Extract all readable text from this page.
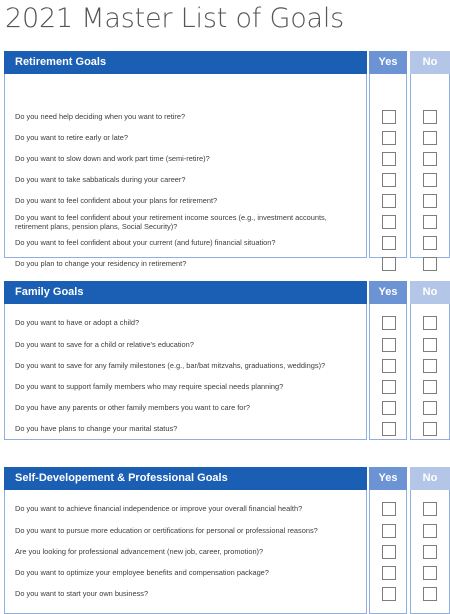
2021 Master List of Goals
Retirement Goals	Yes	No
Do you need help deciding when you want to retire?
Do you want to retire early or late?
Do you want to slow down and work part time (semi-retire)?
Do you want to take sabbaticals during your career?
Do you want to feel confident about your plans for retirement?
Do you want to feel confident about your retirement income sources (e.g., investment accounts, retirement plans, pension plans, Social Security)?
Do you want to feel confident about your current (and future) financial situation?
Do you plan to change your residency in retirement?
Family Goals	Yes	No
Do you want to have or adopt a child?
Do you want to save for a child or relative's education?
Do you want to save for any family milestones (e.g., bar/bat mitzvahs, graduations, weddings)?
Do you want to support family members who may require special needs planning?
Do you have any parents or other family members you want to care for?
Do you have plans to change your marital status?
Self-Developement & Professional Goals	Yes	No
Do you want to achieve financial independence or improve your overall financial health?
Do you want to pursue more education or certifications for personal or professional reasons?
Are you looking for professional advancement (new job, career, promotion)?
Do you want to optimize your employee benefits and compensation package?
Do you want to start your own business?
